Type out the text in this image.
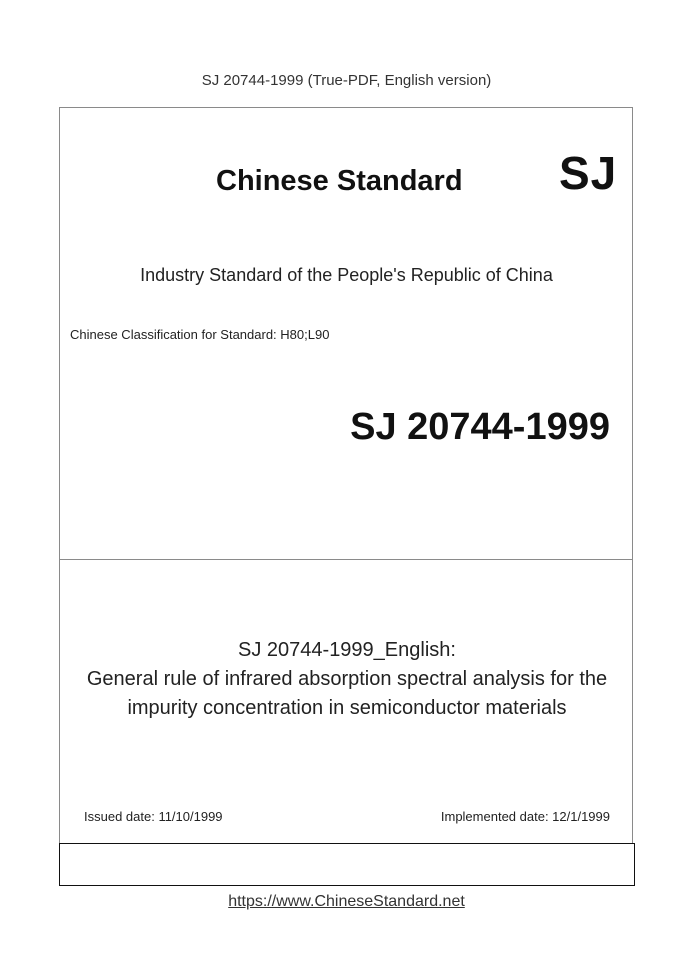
SJ 20744-1999 (True-PDF, English version)
Chinese Standard SJ
Industry Standard of the People's Republic of China
Chinese Classification for Standard: H80;L90
SJ 20744-1999
SJ 20744-1999_English:
General rule of infrared absorption spectral analysis for the
impurity concentration in semiconductor materials
Issued date: 11/10/1999	Implemented date: 12/1/1999
https://www.ChineseStandard.net
